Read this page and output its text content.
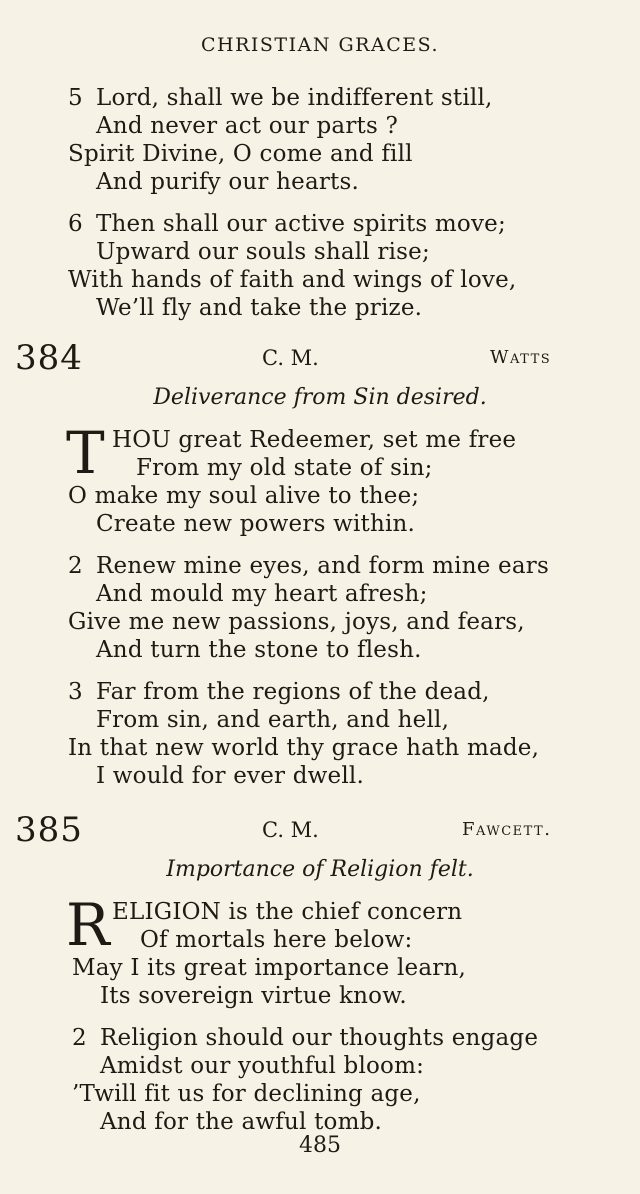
CHRISTIAN GRACES.
5 Lord, shall we be indifferent still,
And never act our parts ?
Spirit Divine, O come and fill
And purify our hearts.
6 Then shall our active spirits move;
Upward our souls shall rise;
With hands of faith and wings of love,
We’ll fly and take the prize.
384	C. M.	Watts
Deliverance from Sin desired.
T HOU great Redeemer, set me free
From my old state of sin;
O make my soul alive to thee;
Create new powers within.
2 Renew mine eyes, and form mine ears
And mould my heart afresh;
Give me new passions, joys, and fears,
And turn the stone to flesh.
3 Far from the regions of the dead,
From sin, and earth, and hell,
In that new world thy grace hath made,
I would for ever dwell.
385	C. M.	Fawcett.
Importance of Religion felt.
R ELIGION is the chief concern
Of mortals here below:
May I its great importance learn,
Its sovereign virtue know.
2 Religion should our thoughts engage
Amidst our youthful bloom:
’Twill fit us for declining age,
And for the awful tomb.
485
